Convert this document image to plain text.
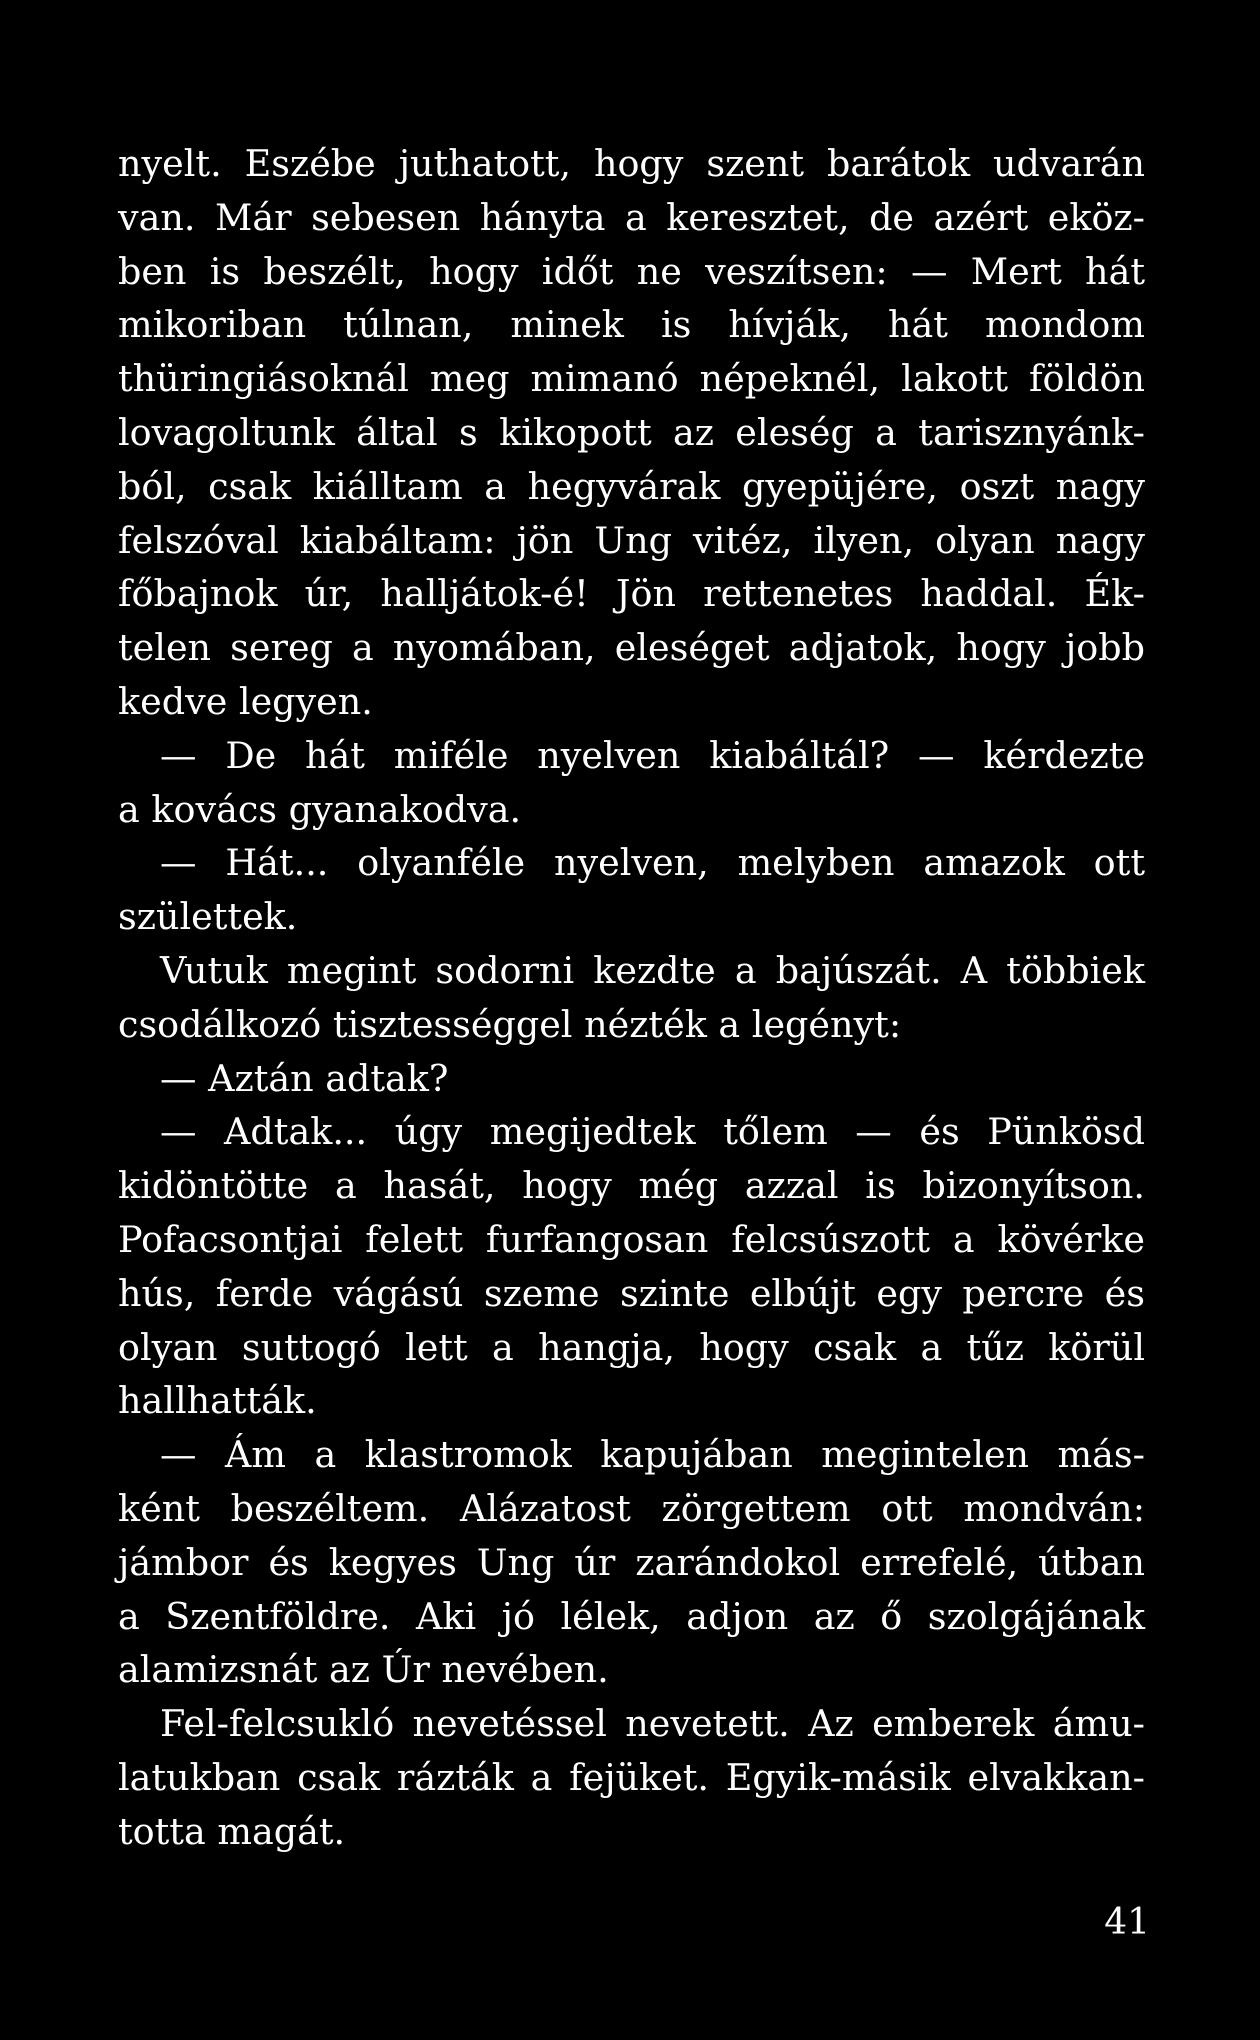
nyelt. Eszébe juthatott, hogy szent barátok udvarán
van. Már sebesen hányta a keresztet, de azért eköz-
ben is beszélt, hogy időt ne veszítsen: — Mert hát
mikoriban túlnan, minek is hívják, hát mondom
thüringiásoknál meg mimanó népeknél, lakott földön
lovagoltunk által s kikopott az eleség a tarisznyánk-
ból, csak kiálltam a hegyvárak gyepüjére, oszt nagy
felszóval kiabáltam: jön Ung vitéz, ilyen, olyan nagy
főbajnok úr, halljátok-é! Jön rettenetes haddal. Ék-
telen sereg a nyomában, eleséget adjatok, hogy jobb
kedve legyen.
— De hát miféle nyelven kiabáltál? — kérdezte
a kovács gyanakodva.
— Hát... olyanféle nyelven, melyben amazok ott
születtek.
Vutuk megint sodorni kezdte a bajúszát. A többiek
csodálkozó tisztességgel nézték a legényt:
— Aztán adtak?
— Adtak... úgy megijedtek tőlem — és Pünkösd
kidöntötte a hasát, hogy még azzal is bizonyítson.
Pofacsontjai felett furfangosan felcsúszott a kövérke
hús, ferde vágású szeme szinte elbújt egy percre és
olyan suttogó lett a hangja, hogy csak a tűz körül
hallhatták.
— Ám a klastromok kapujában megintelen más-
ként beszéltem. Alázatost zörgettem ott mondván:
jámbor és kegyes Ung úr zarándokol errefelé, útban
a Szentföldre. Aki jó lélek, adjon az ő szolgájának
alamizsnát az Úr nevében.
Fel-felcsukló nevetéssel nevetett. Az emberek ámu-
latukban csak rázták a fejüket. Egyik-másik elvakkan-
totta magát.
41
